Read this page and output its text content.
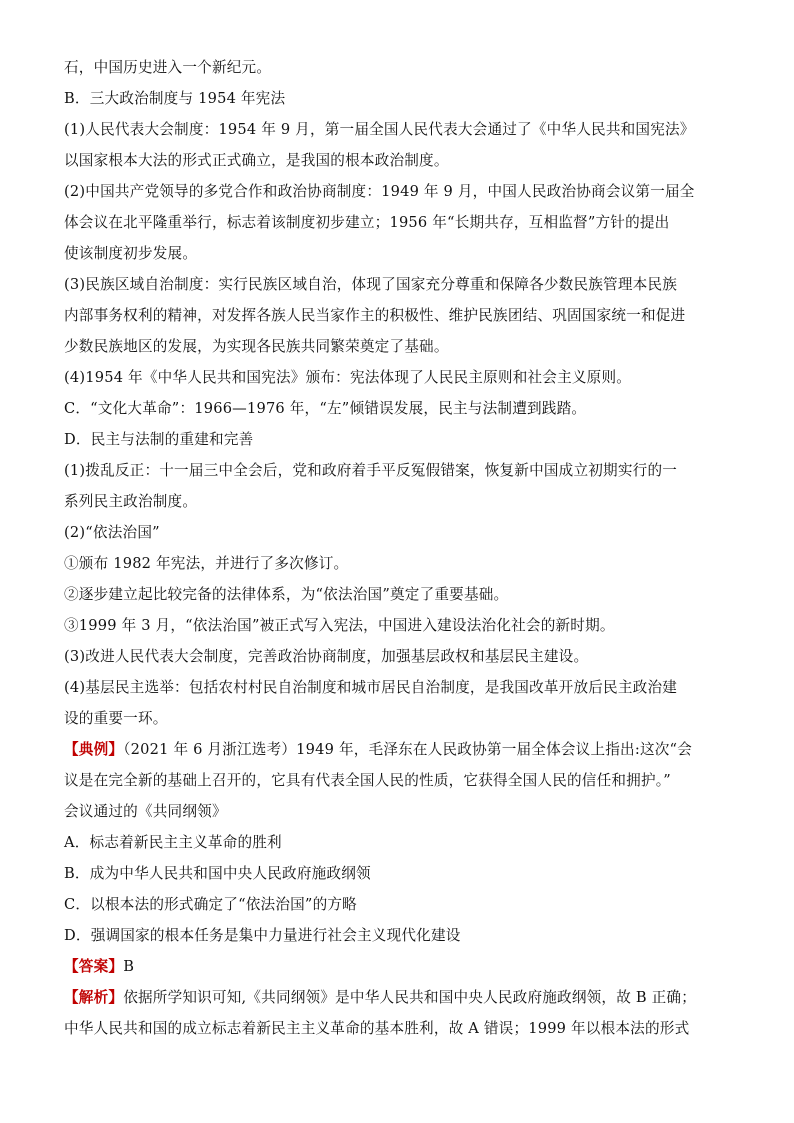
石，中国历史进入一个新纪元。
B．三大政治制度与 1954 年宪法
(1)人民代表大会制度：1954 年 9 月，第一届全国人民代表大会通过了《中华人民共和国宪法》
以国家根本大法的形式正式确立，是我国的根本政治制度。
(2)中国共产党领导的多党合作和政治协商制度：1949 年 9 月，中国人民政治协商会议第一届全
体会议在北平隆重举行，标志着该制度初步建立；1956 年“长期共存，互相监督”方针的提出
使该制度初步发展。
(3)民族区域自治制度：实行民族区域自治，体现了国家充分尊重和保障各少数民族管理本民族
内部事务权利的精神，对发挥各族人民当家作主的积极性、维护民族团结、巩固国家统一和促进
少数民族地区的发展，为实现各民族共同繁荣奠定了基础。
(4)1954 年《中华人民共和国宪法》颁布：宪法体现了人民民主原则和社会主义原则。
C．“文化大革命”：1966—1976 年，“左”倾错误发展，民主与法制遭到践踏。
D．民主与法制的重建和完善
(1)拨乱反正：十一届三中全会后，党和政府着手平反冤假错案，恢复新中国成立初期实行的一
系列民主政治制度。
(2)“依法治国”
①颁布 1982 年宪法，并进行了多次修订。
②逐步建立起比较完备的法律体系，为“依法治国”奠定了重要基础。
③1999 年 3 月，“依法治国”被正式写入宪法，中国进入建设法治化社会的新时期。
(3)改进人民代表大会制度，完善政治协商制度，加强基层政权和基层民主建设。
(4)基层民主选举：包括农村村民自治制度和城市居民自治制度，是我国改革开放后民主政治建
设的重要一环。
【典例】（2021 年 6 月浙江选考）1949 年，毛泽东在人民政协第一届全体会议上指出:这次“会
议是在完全新的基础上召开的，它具有代表全国人民的性质，它获得全国人民的信任和拥护。”
会议通过的《共同纲领》
A．标志着新民主主义革命的胜利
B．成为中华人民共和国中央人民政府施政纲领
C．以根本法的形式确定了“依法治国”的方略
D．强调国家的根本任务是集中力量进行社会主义现代化建设
【答案】B
【解析】依据所学知识可知,《共同纲领》是中华人民共和国中央人民政府施政纲领，故 B 正确；
中华人民共和国的成立标志着新民主主义革命的基本胜利，故 A 错误；1999 年以根本法的形式
